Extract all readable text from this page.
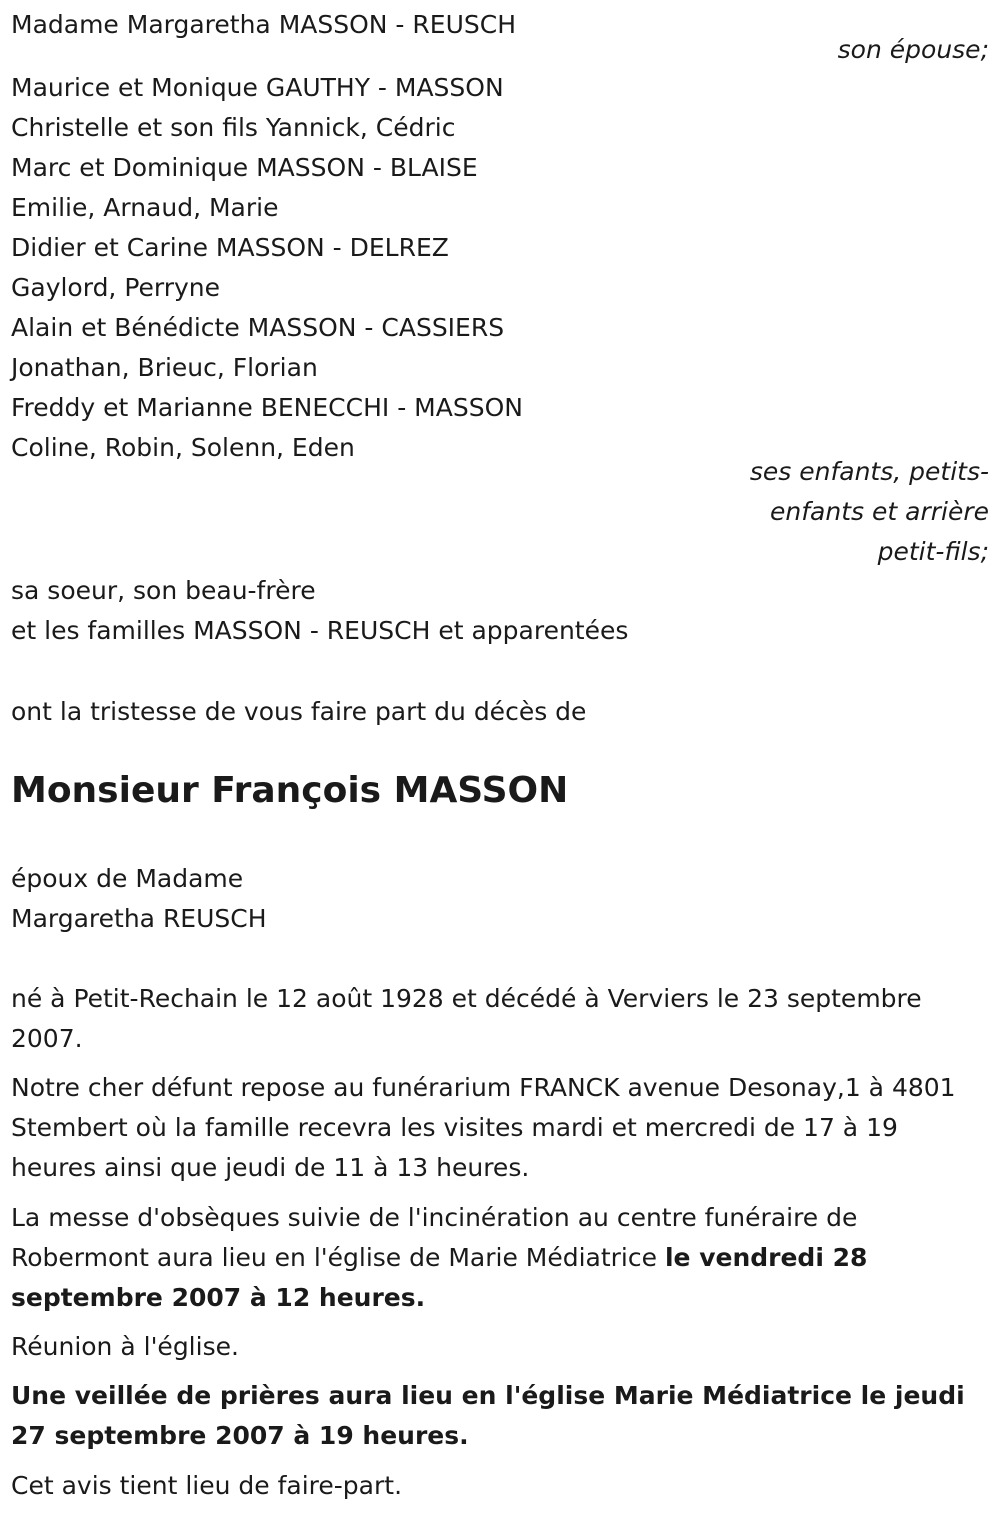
Madame Margaretha MASSON - REUSCH
son épouse;
Maurice et Monique GAUTHY - MASSON
Christelle et son fils Yannick, Cédric
Marc et Dominique MASSON - BLAISE
Emilie, Arnaud, Marie
Didier et Carine MASSON - DELREZ
Gaylord, Perryne
Alain et Bénédicte MASSON - CASSIERS
Jonathan, Brieuc, Florian
Freddy et Marianne BENECCHI - MASSON
Coline, Robin, Solenn, Eden
ses enfants, petits-
enfants et arrière
petit-fils;
sa soeur, son beau-frère
et les familles MASSON - REUSCH et apparentées
ont la tristesse de vous faire part du décès de
Monsieur François MASSON
époux de Madame
Margaretha REUSCH
né à Petit-Rechain le 12 août 1928 et décédé à Verviers le 23 septembre 2007.
Notre cher défunt repose au funérarium FRANCK avenue Desonay,1 à 4801 Stembert où la famille recevra les visites mardi et mercredi de 17 à 19 heures ainsi que jeudi de 11 à 13 heures.
La messe d'obsèques suivie de l'incinération au centre funéraire de Robermont aura lieu en l'église de Marie Médiatrice le vendredi 28 septembre 2007 à 12 heures.
Réunion à l'église.
Une veillée de prières aura lieu en l'église Marie Médiatrice le jeudi 27 septembre 2007 à 19 heures.
Cet avis tient lieu de faire-part.
